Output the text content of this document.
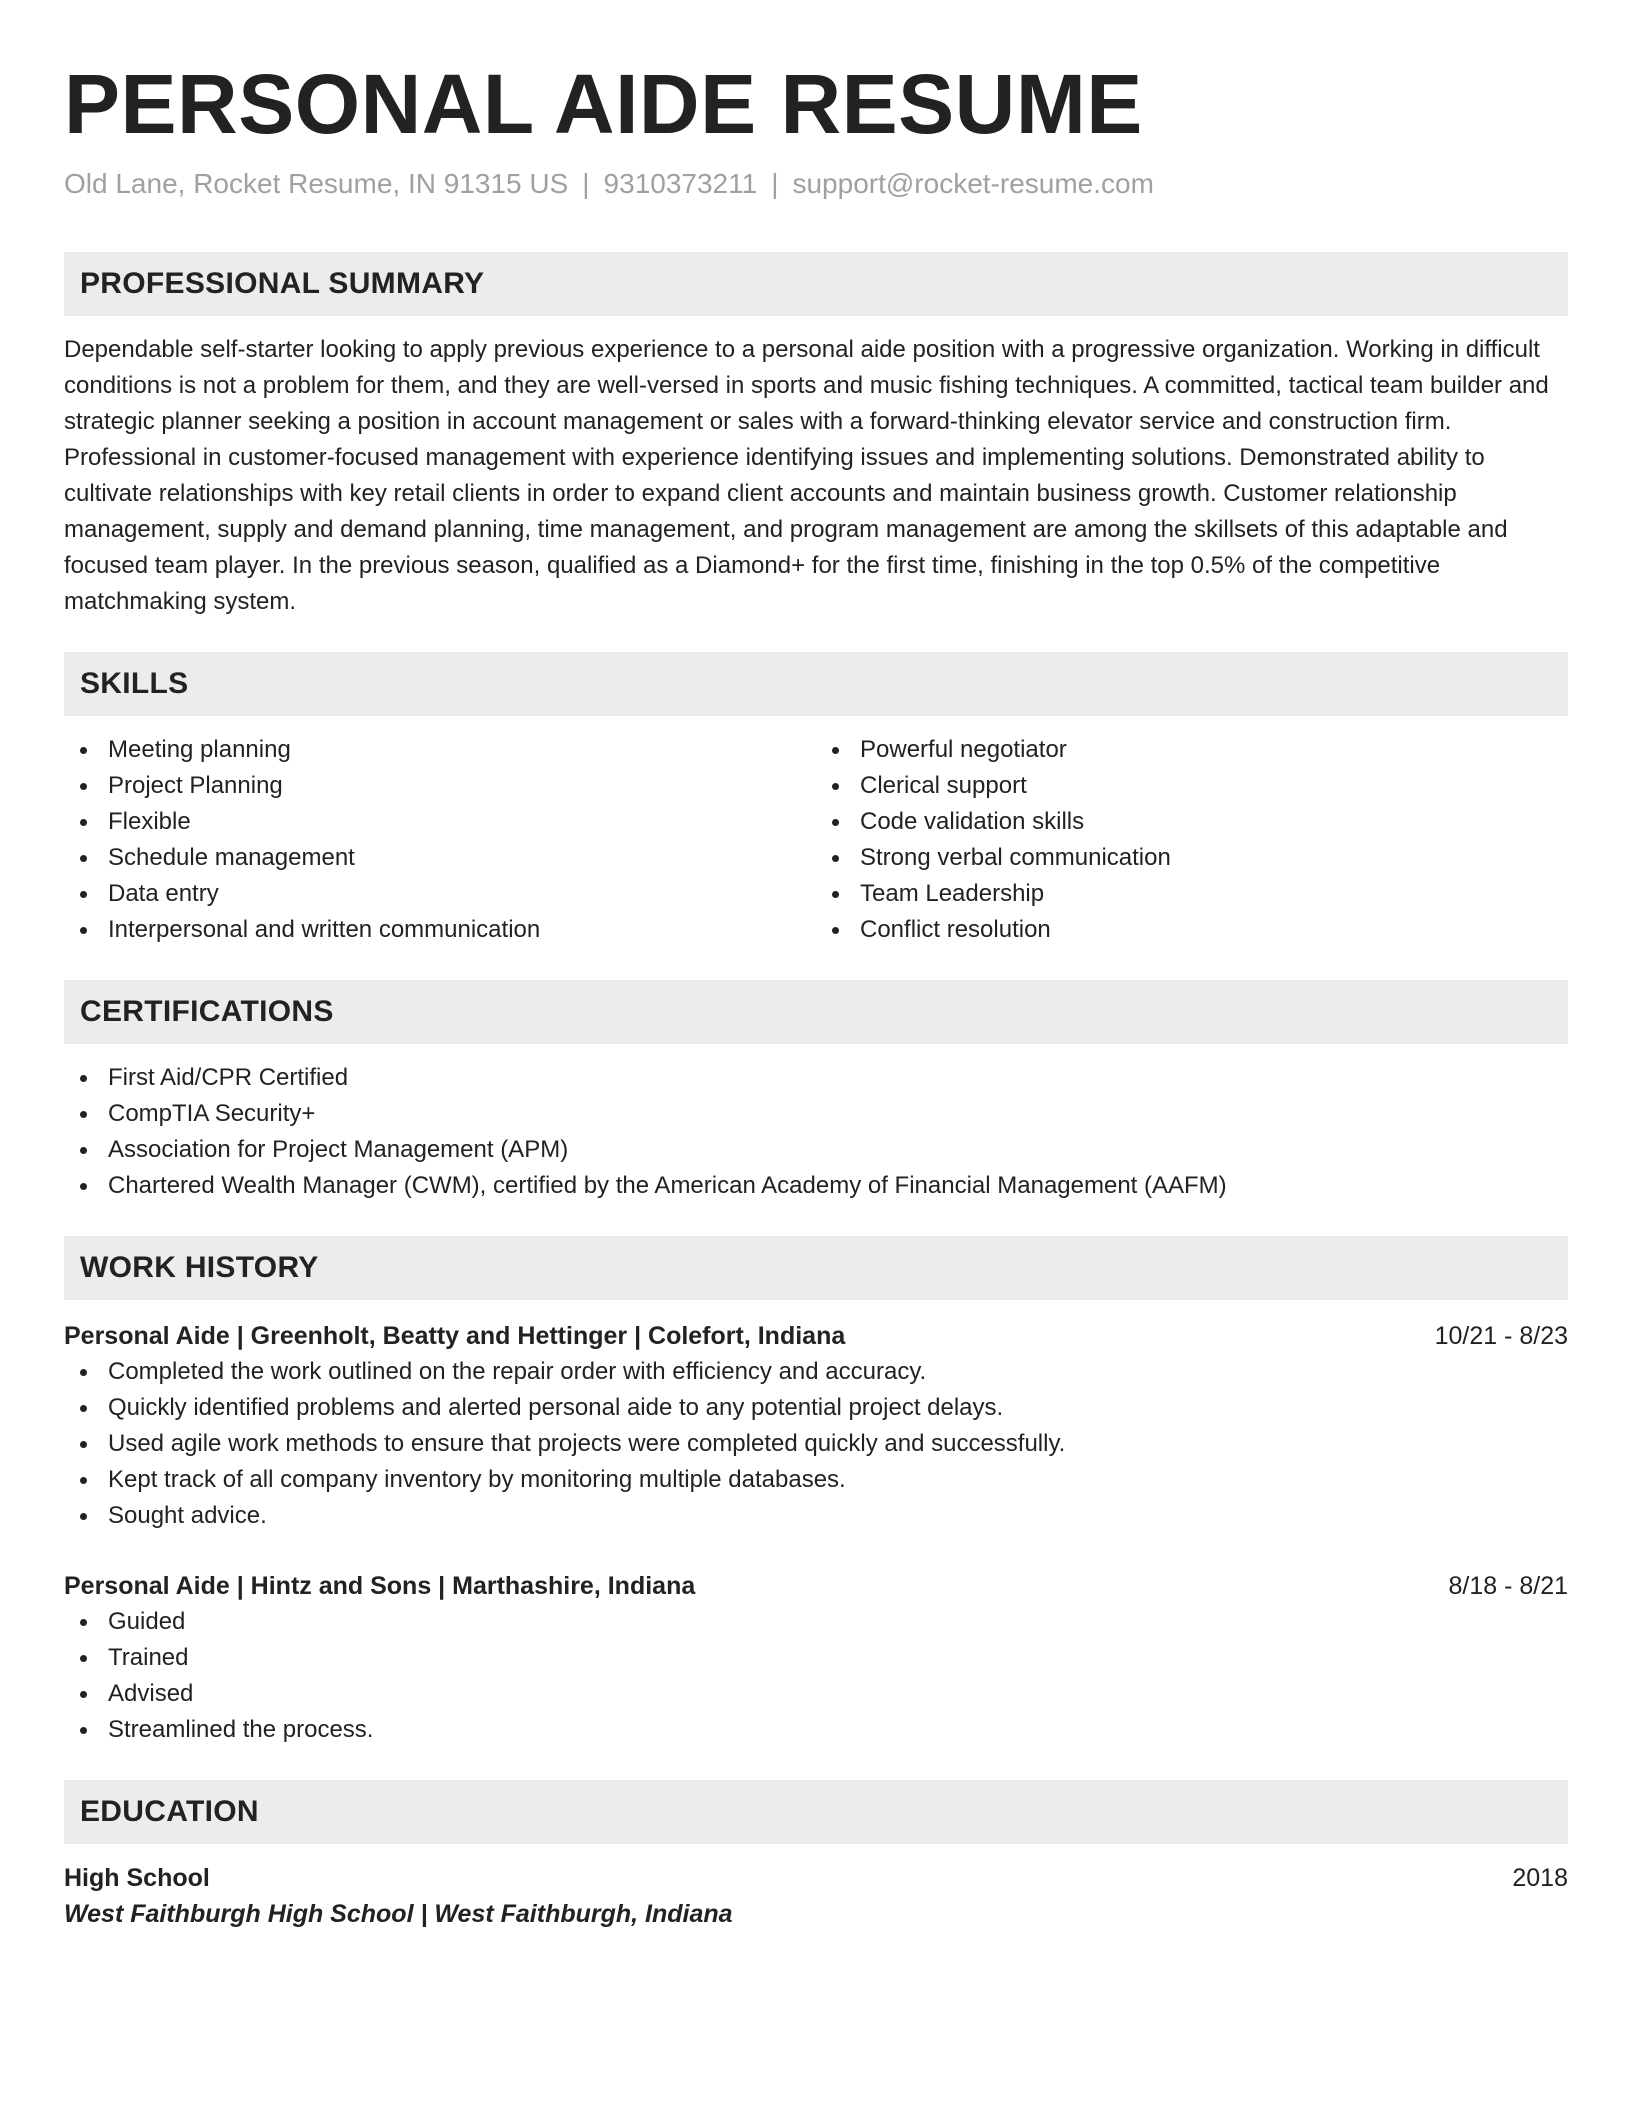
PERSONAL AIDE RESUME
Old Lane, Rocket Resume, IN 91315 US | 9310373211 | support@rocket-resume.com
PROFESSIONAL SUMMARY
Dependable self-starter looking to apply previous experience to a personal aide position with a progressive organization. Working in difficult conditions is not a problem for them, and they are well-versed in sports and music fishing techniques. A committed, tactical team builder and strategic planner seeking a position in account management or sales with a forward-thinking elevator service and construction firm. Professional in customer-focused management with experience identifying issues and implementing solutions. Demonstrated ability to cultivate relationships with key retail clients in order to expand client accounts and maintain business growth. Customer relationship management, supply and demand planning, time management, and program management are among the skillsets of this adaptable and focused team player. In the previous season, qualified as a Diamond+ for the first time, finishing in the top 0.5% of the competitive matchmaking system.
SKILLS
Meeting planning
Project Planning
Flexible
Schedule management
Data entry
Interpersonal and written communication
Powerful negotiator
Clerical support
Code validation skills
Strong verbal communication
Team Leadership
Conflict resolution
CERTIFICATIONS
First Aid/CPR Certified
CompTIA Security+
Association for Project Management (APM)
Chartered Wealth Manager (CWM), certified by the American Academy of Financial Management (AAFM)
WORK HISTORY
Personal Aide | Greenholt, Beatty and Hettinger | Colefort, Indiana	10/21 - 8/23
Completed the work outlined on the repair order with efficiency and accuracy.
Quickly identified problems and alerted personal aide to any potential project delays.
Used agile work methods to ensure that projects were completed quickly and successfully.
Kept track of all company inventory by monitoring multiple databases.
Sought advice.
Personal Aide | Hintz and Sons | Marthashire, Indiana	8/18 - 8/21
Guided
Trained
Advised
Streamlined the process.
EDUCATION
High School	2018
West Faithburgh High School | West Faithburgh, Indiana
